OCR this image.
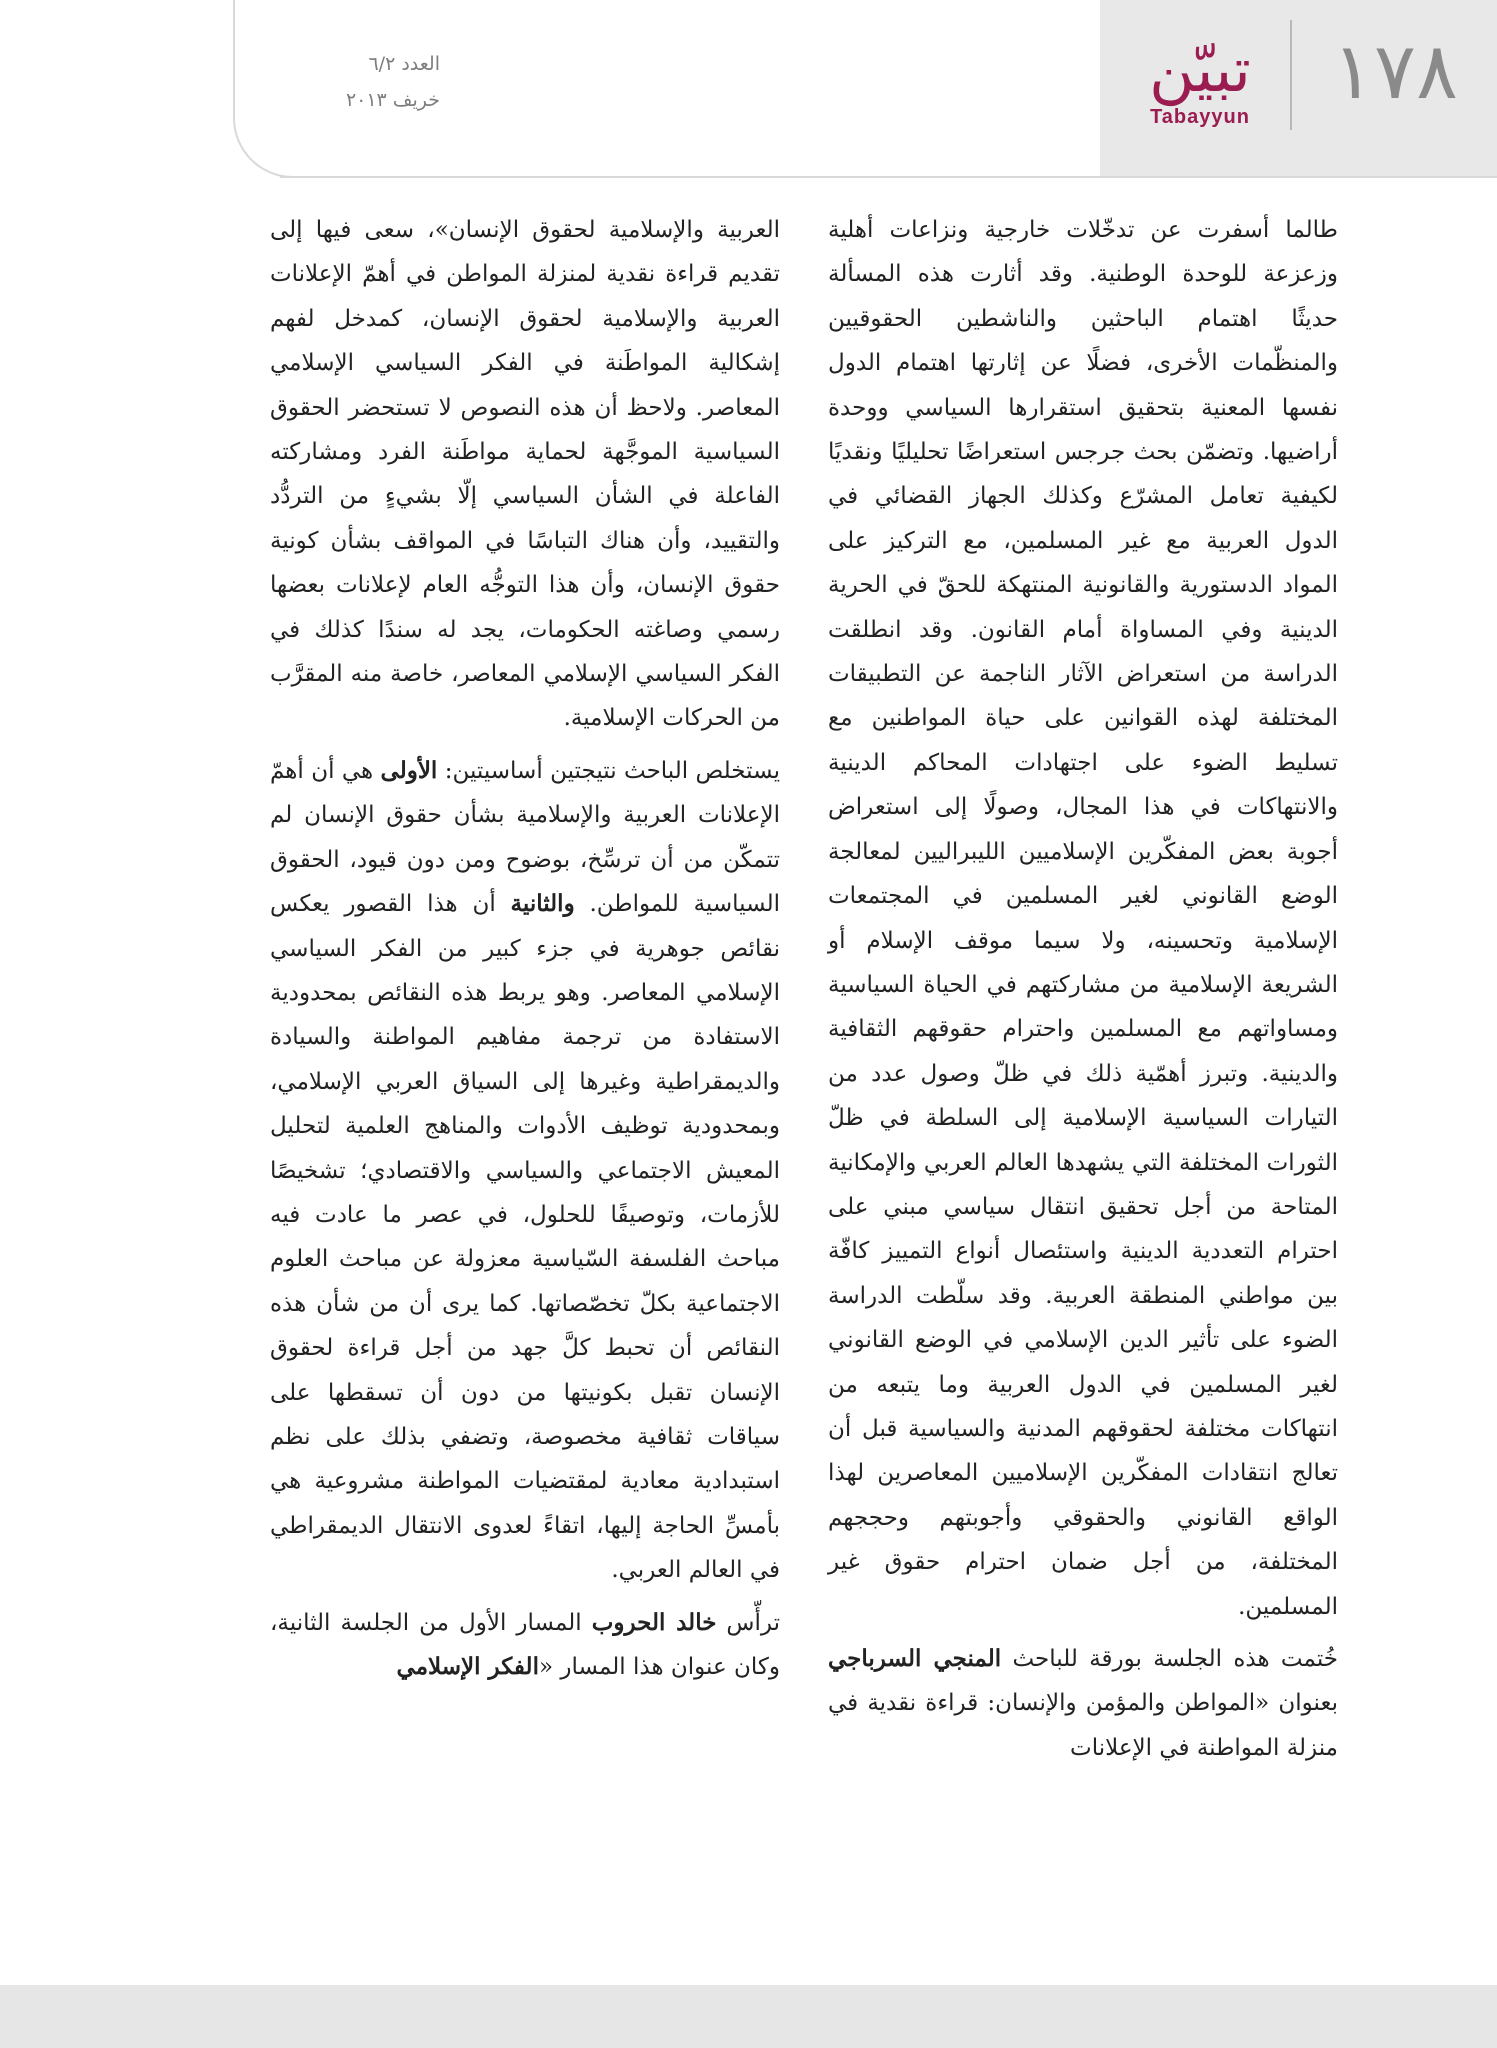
١٧٨
تبيّن
Tabayyun
العدد ٦/٢
خريف ٢٠١٣

طالما أسفرت عن تدخّلات خارجية ونزاعات أهلية وزعزعة للوحدة الوطنية. وقد أثارت هذه المسألة حديثًا اهتمام الباحثين والناشطين الحقوقيين والمنظّمات الأخرى، فضلًا عن إثارتها اهتمام الدول نفسها المعنية بتحقيق استقرارها السياسي ووحدة أراضيها. وتضمّن بحث جرجس استعراضًا تحليليًا ونقديًا لكيفية تعامل المشرّع وكذلك الجهاز القضائي في الدول العربية مع غير المسلمين، مع التركيز على المواد الدستورية والقانونية المنتهكة للحقّ في الحرية الدينية وفي المساواة أمام القانون. وقد انطلقت الدراسة من استعراض الآثار الناجمة عن التطبيقات المختلفة لهذه القوانين على حياة المواطنين مع تسليط الضوء على اجتهادات المحاكم الدينية والانتهاكات في هذا المجال، وصولًا إلى استعراض أجوبة بعض المفكّرين الإسلاميين الليبراليين لمعالجة الوضع القانوني لغير المسلمين في المجتمعات الإسلامية وتحسينه، ولا سيما موقف الإسلام أو الشريعة الإسلامية من مشاركتهم في الحياة السياسية ومساواتهم مع المسلمين واحترام حقوقهم الثقافية والدينية. وتبرز أهمّية ذلك في ظلّ وصول عدد من التيارات السياسية الإسلامية إلى السلطة في ظلّ الثورات المختلفة التي يشهدها العالم العربي والإمكانية المتاحة من أجل تحقيق انتقال سياسي مبني على احترام التعددية الدينية واستئصال أنواع التمييز كافّة بين مواطني المنطقة العربية. وقد سلّطت الدراسة الضوء على تأثير الدين الإسلامي في الوضع القانوني لغير المسلمين في الدول العربية وما يتبعه من انتهاكات مختلفة لحقوقهم المدنية والسياسية قبل أن تعالج انتقادات المفكّرين الإسلاميين المعاصرين لهذا الواقع القانوني والحقوقي وأجوبتهم وحججهم المختلفة، من أجل ضمان احترام حقوق غير المسلمين.

خُتمت هذه الجلسة بورقة للباحث المنجي السرباجي بعنوان «المواطن والمؤمن والإنسان: قراءة نقدية في منزلة المواطنة في الإعلانات

العربية والإسلامية لحقوق الإنسان»، سعى فيها إلى تقديم قراءة نقدية لمنزلة المواطن في أهمّ الإعلانات العربية والإسلامية لحقوق الإنسان، كمدخل لفهم إشكالية المواطَنة في الفكر السياسي الإسلامي المعاصر. ولاحظ أن هذه النصوص لا تستحضر الحقوق السياسية الموجَّهة لحماية مواطَنة الفرد ومشاركته الفاعلة في الشأن السياسي إلّا بشيءٍ من التردُّد والتقييد، وأن هناك التباسًا في المواقف بشأن كونية حقوق الإنسان، وأن هذا التوجُّه العام لإعلانات بعضها رسمي وصاغته الحكومات، يجد له سندًا كذلك في الفكر السياسي الإسلامي المعاصر، خاصة منه المقرَّب من الحركات الإسلامية.

يستخلص الباحث نتيجتين أساسيتين: الأولى هي أن أهمّ الإعلانات العربية والإسلامية بشأن حقوق الإنسان لم تتمكّن من أن ترسِّخ، بوضوح ومن دون قيود، الحقوق السياسية للمواطن. والثانية أن هذا القصور يعكس نقائص جوهرية في جزء كبير من الفكر السياسي الإسلامي المعاصر. وهو يربط هذه النقائص بمحدودية الاستفادة من ترجمة مفاهيم المواطنة والسيادة والديمقراطية وغيرها إلى السياق العربي الإسلامي، وبمحدودية توظيف الأدوات والمناهج العلمية لتحليل المعيش الاجتماعي والسياسي والاقتصادي؛ تشخيصًا للأزمات، وتوصيفًا للحلول، في عصر ما عادت فيه مباحث الفلسفة السّياسية معزولة عن مباحث العلوم الاجتماعية بكلّ تخصّصاتها. كما يرى أن من شأن هذه النقائص أن تحبط كلَّ جهد من أجل قراءة لحقوق الإنسان تقبل بكونيتها من دون أن تسقطها على سياقات ثقافية مخصوصة، وتضفي بذلك على نظم استبدادية معادية لمقتضيات المواطنة مشروعية هي بأمسِّ الحاجة إليها، اتقاءً لعدوى الانتقال الديمقراطي في العالم العربي.

ترأّس خالد الحروب المسار الأول من الجلسة الثانية، وكان عنوان هذا المسار «الفكر الإسلامي
